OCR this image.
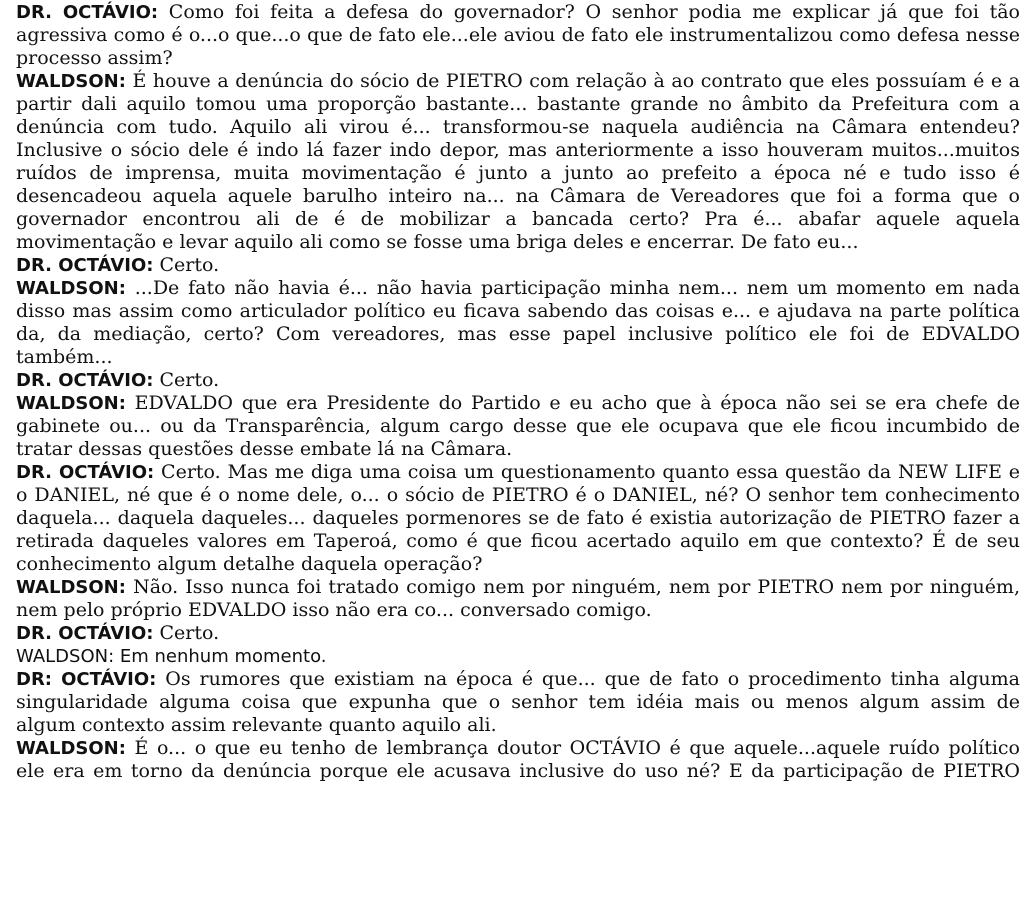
DR. OCTÁVIO: Como foi feita a defesa do governador? O senhor podia me explicar já que foi tão
agressiva como é o...o que...o que de fato ele...ele aviou de fato ele instrumentalizou como defesa nesse
processo assim?
WALDSON: É houve a denúncia do sócio de PIETRO com relação à ao contrato que eles possuíam é e a
partir dali aquilo tomou uma proporção bastante... bastante grande no âmbito da Prefeitura com a
denúncia com tudo. Aquilo ali virou é... transformou-se naquela audiência na Câmara entendeu?
Inclusive o sócio dele é indo lá fazer indo depor, mas anteriormente a isso houveram muitos...muitos
ruídos de imprensa, muita movimentação é junto a junto ao prefeito a época né e tudo isso é
desencadeou aquela aquele barulho inteiro na... na Câmara de Vereadores que foi a forma que o
governador encontrou ali de é de mobilizar a bancada certo? Pra é... abafar aquele aquela
movimentação e levar aquilo ali como se fosse uma briga deles e encerrar. De fato eu...
DR. OCTÁVIO: Certo.
WALDSON: ...De fato não havia é... não havia participação minha nem... nem um momento em nada
disso mas assim como articulador político eu ficava sabendo das coisas e... e ajudava na parte política
da, da mediação, certo? Com vereadores, mas esse papel inclusive político ele foi de EDVALDO
também...
DR. OCTÁVIO: Certo.
WALDSON: EDVALDO que era Presidente do Partido e eu acho que à época não sei se era chefe de
gabinete ou... ou da Transparência, algum cargo desse que ele ocupava que ele ficou incumbido de
tratar dessas questões desse embate lá na Câmara.
DR. OCTÁVIO: Certo. Mas me diga uma coisa um questionamento quanto essa questão da NEW LIFE e
o DANIEL, né que é o nome dele, o... o sócio de PIETRO é o DANIEL, né? O senhor tem conhecimento
daquela... daquela daqueles... daqueles pormenores se de fato é existia autorização de PIETRO fazer a
retirada daqueles valores em Taperoá, como é que ficou acertado aquilo em que contexto? É de seu
conhecimento algum detalhe daquela operação?
WALDSON: Não. Isso nunca foi tratado comigo nem por ninguém, nem por PIETRO nem por ninguém,
nem pelo próprio EDVALDO isso não era co... conversado comigo.
DR. OCTÁVIO: Certo.
WALDSON: Em nenhum momento.
DR: OCTÁVIO: Os rumores que existiam na época é que... que de fato o procedimento tinha alguma
singularidade alguma coisa que expunha que o senhor tem idéia mais ou menos algum assim de
algum contexto assim relevante quanto aquilo ali.
WALDSON: É o... o que eu tenho de lembrança doutor OCTÁVIO é que aquele...aquele ruído político
ele era em torno da denúncia porque ele acusava inclusive do uso né? E da participação de PIETRO
